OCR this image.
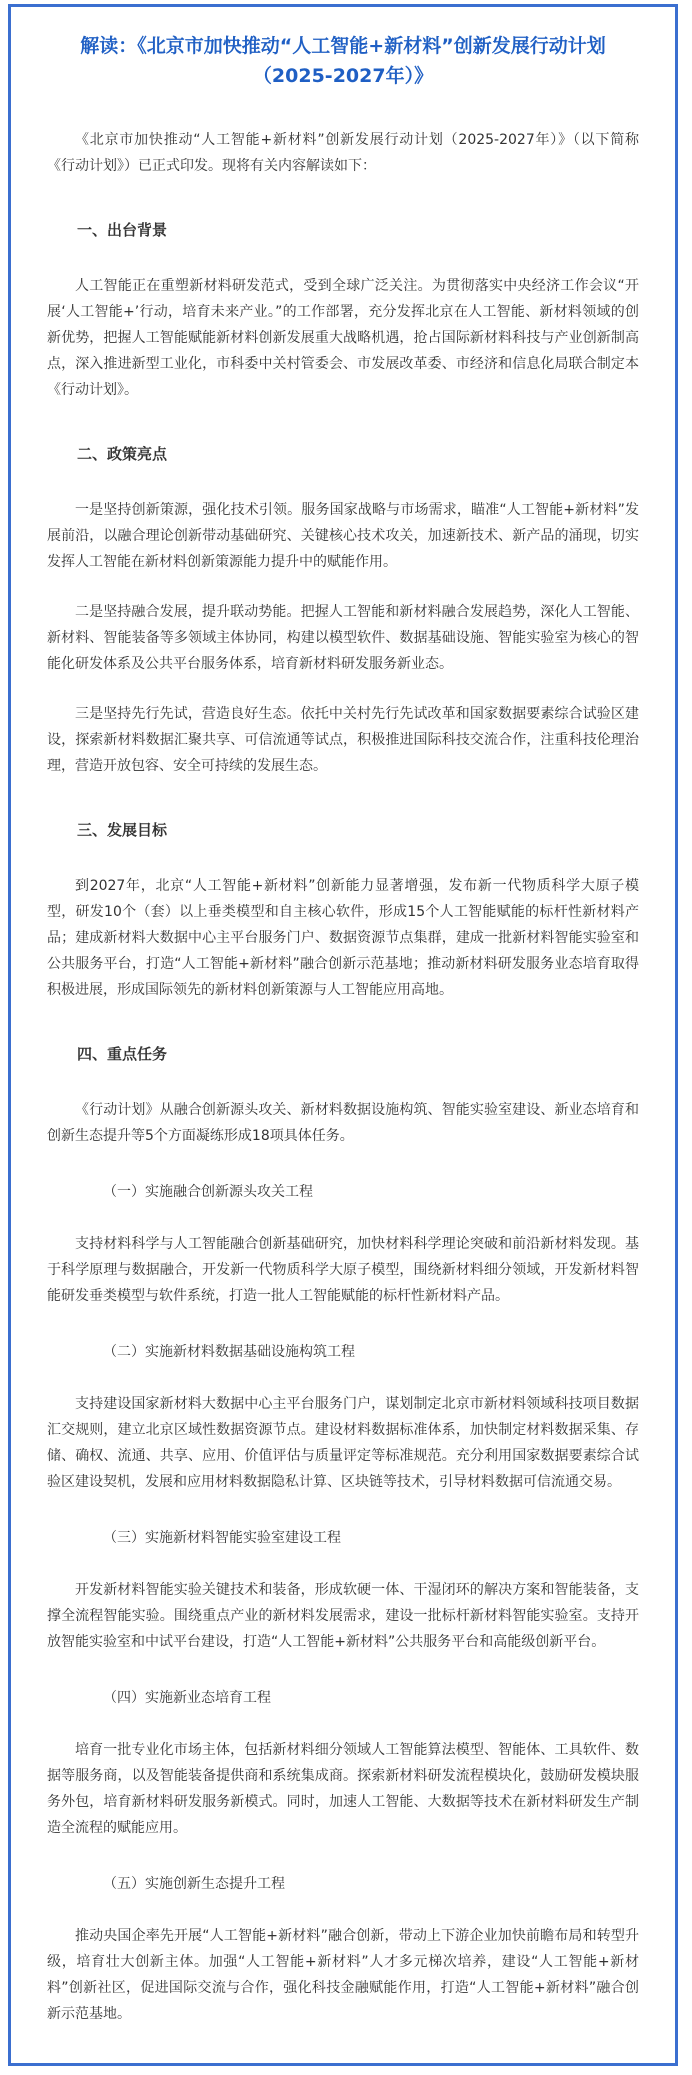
解读：《北京市加快推动“人工智能+新材料”创新发展行动计划（2025-2027年）》

《北京市加快推动“人工智能+新材料”创新发展行动计划（2025-2027年）》（以下简称《行动计划》）已正式印发。现将有关内容解读如下：

一、出台背景

人工智能正在重塑新材料研发范式，受到全球广泛关注。为贯彻落实中央经济工作会议“开展‘人工智能+’行动，培育未来产业。”的工作部署，充分发挥北京在人工智能、新材料领域的创新优势，把握人工智能赋能新材料创新发展重大战略机遇，抢占国际新材料科技与产业创新制高点，深入推进新型工业化，市科委中关村管委会、市发展改革委、市经济和信息化局联合制定本《行动计划》。

二、政策亮点

一是坚持创新策源，强化技术引领。服务国家战略与市场需求，瞄准“人工智能+新材料”发展前沿，以融合理论创新带动基础研究、关键核心技术攻关，加速新技术、新产品的涌现，切实发挥人工智能在新材料创新策源能力提升中的赋能作用。

二是坚持融合发展，提升联动势能。把握人工智能和新材料融合发展趋势，深化人工智能、新材料、智能装备等多领域主体协同，构建以模型软件、数据基础设施、智能实验室为核心的智能化研发体系及公共平台服务体系，培育新材料研发服务新业态。

三是坚持先行先试，营造良好生态。依托中关村先行先试改革和国家数据要素综合试验区建设，探索新材料数据汇聚共享、可信流通等试点，积极推进国际科技交流合作，注重科技伦理治理，营造开放包容、安全可持续的发展生态。

三、发展目标

到2027年，北京“人工智能+新材料”创新能力显著增强，发布新一代物质科学大原子模型，研发10个（套）以上垂类模型和自主核心软件，形成15个人工智能赋能的标杆性新材料产品；建成新材料大数据中心主平台服务门户、数据资源节点集群，建成一批新材料智能实验室和公共服务平台，打造“人工智能+新材料”融合创新示范基地；推动新材料研发服务业态培育取得积极进展，形成国际领先的新材料创新策源与人工智能应用高地。

四、重点任务

《行动计划》从融合创新源头攻关、新材料数据设施构筑、智能实验室建设、新业态培育和创新生态提升等5个方面凝练形成18项具体任务。

（一）实施融合创新源头攻关工程

支持材料科学与人工智能融合创新基础研究，加快材料科学理论突破和前沿新材料发现。基于科学原理与数据融合，开发新一代物质科学大原子模型，围绕新材料细分领域，开发新材料智能研发垂类模型与软件系统，打造一批人工智能赋能的标杆性新材料产品。

（二）实施新材料数据基础设施构筑工程

支持建设国家新材料大数据中心主平台服务门户，谋划制定北京市新材料领域科技项目数据汇交规则，建立北京区域性数据资源节点。建设材料数据标准体系，加快制定材料数据采集、存储、确权、流通、共享、应用、价值评估与质量评定等标准规范。充分利用国家数据要素综合试验区建设契机，发展和应用材料数据隐私计算、区块链等技术，引导材料数据可信流通交易。

（三）实施新材料智能实验室建设工程

开发新材料智能实验关键技术和装备，形成软硬一体、干湿闭环的解决方案和智能装备，支撑全流程智能实验。围绕重点产业的新材料发展需求，建设一批标杆新材料智能实验室。支持开放智能实验室和中试平台建设，打造“人工智能+新材料”公共服务平台和高能级创新平台。

（四）实施新业态培育工程

培育一批专业化市场主体，包括新材料细分领域人工智能算法模型、智能体、工具软件、数据等服务商，以及智能装备提供商和系统集成商。探索新材料研发流程模块化，鼓励研发模块服务外包，培育新材料研发服务新模式。同时，加速人工智能、大数据等技术在新材料研发生产制造全流程的赋能应用。

（五）实施创新生态提升工程

推动央国企率先开展“人工智能+新材料”融合创新，带动上下游企业加快前瞻布局和转型升级，培育壮大创新主体。加强“人工智能+新材料”人才多元梯次培养，建设“人工智能+新材料”创新社区，促进国际交流与合作，强化科技金融赋能作用，打造“人工智能+新材料”融合创新示范基地。
